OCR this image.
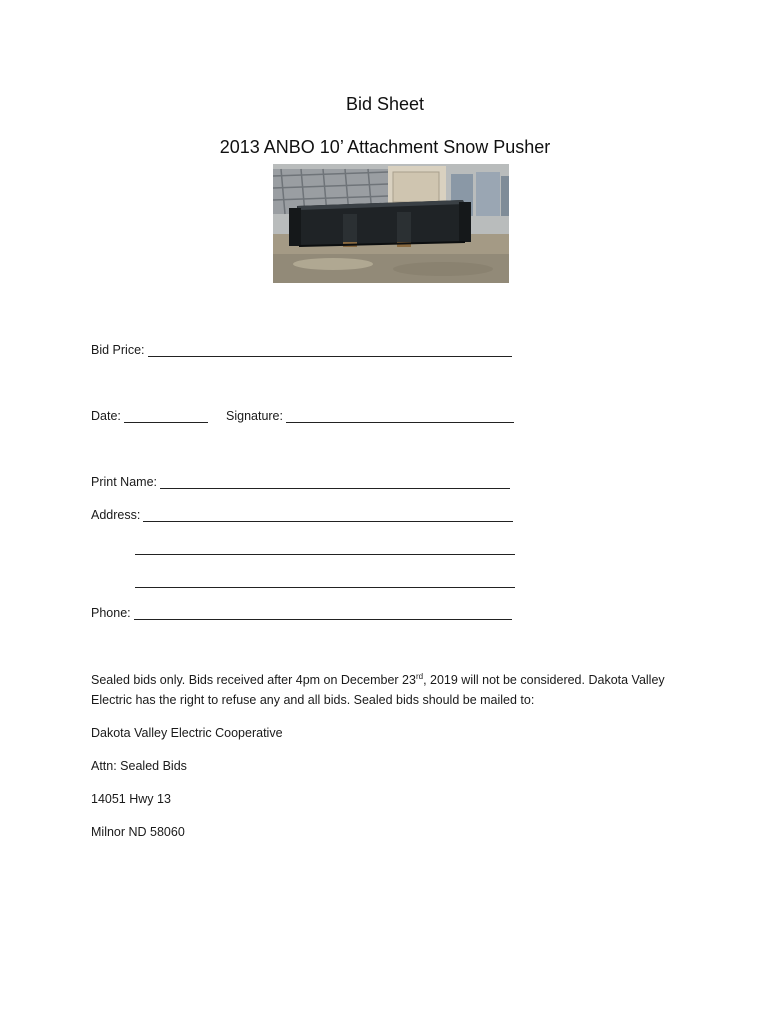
Bid Sheet
2013 ANBO 10’ Attachment Snow Pusher
Bid Price:
Date:	Signature:
Print Name:
Address:
Phone:
Sealed bids only. Bids received after 4pm on December 23rd, 2019 will not be considered. Dakota Valley
Electric has the right to refuse any and all bids. Sealed bids should be mailed to:
Dakota Valley Electric Cooperative
Attn: Sealed Bids
14051 Hwy 13
Milnor ND 58060
